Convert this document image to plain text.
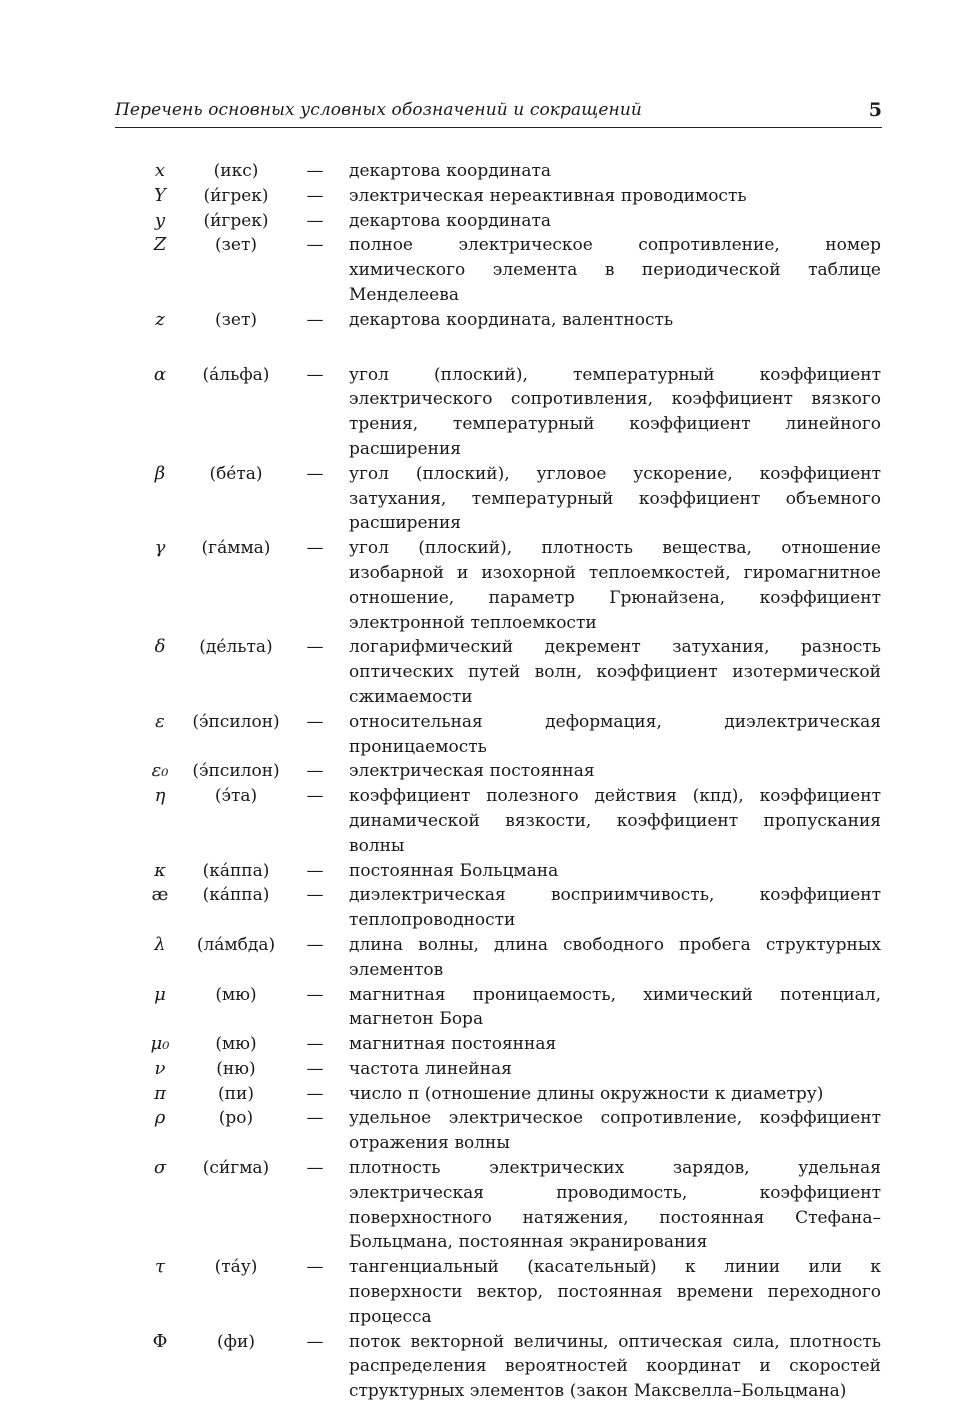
Перечень основных условных обозначений и сокращений	5
x	(икс)	—	декартова координата
Y	(и́грек)	—	электрическая нереактивная проводимость
y	(и́грек)	—	декартова координата
Z	(зет)	—	полное электрическое сопротивление, номер химического элемента в периодической таблице Менделеева
z	(зет)	—	декартова координата, валентность
α	(а́льфа)	—	угол (плоский), температурный коэффициент электрического сопротивления, коэффициент вязкого трения, температурный коэффициент линейного расширения
β	(бе́та)	—	угол (плоский), угловое ускорение, коэффициент затухания, температурный коэффициент объемного расширения
γ	(га́мма)	—	угол (плоский), плотность вещества, отношение изобарной и изохорной теплоемкостей, гиромагнитное отношение, параметр Грюнайзена, коэффициент электронной теплоемкости
δ	(де́льта)	—	логарифмический декремент затухания, разность оптических путей волн, коэффициент изотермической сжимаемости
ε	(э́псилон)	—	относительная деформация, диэлектрическая проницаемость
ε₀	(э́псилон)	—	электрическая постоянная
η	(э́та)	—	коэффициент полезного действия (кпд), коэффициент динамической вязкости, коэффициент пропускания волны
κ	(ка́ппа)	—	постоянная Больцмана
æ	(ка́ппа)	—	диэлектрическая восприимчивость, коэффициент теплопроводности
λ	(ла́мбда)	—	длина волны, длина свободного пробега структурных элементов
μ	(мю)	—	магнитная проницаемость, химический потенциал, магнетон Бора
μ₀	(мю)	—	магнитная постоянная
ν	(ню)	—	частота линейная
π	(пи)	—	число π (отношение длины окружности к диаметру)
ρ	(ро)	—	удельное электрическое сопротивление, коэффициент отражения волны
σ	(си́гма)	—	плотность электрических зарядов, удельная электрическая проводимость, коэффициент поверхностного натяжения, постоянная Стефана–Больцмана, постоянная экранирования
τ	(та́у)	—	тангенциальный (касательный) к линии или к поверхности вектор, постоянная времени переходного процесса
Φ	(фи)	—	поток векторной величины, оптическая сила, плотность распределения вероятностей координат и скоростей структурных элементов (закон Максвелла–Больцмана)
